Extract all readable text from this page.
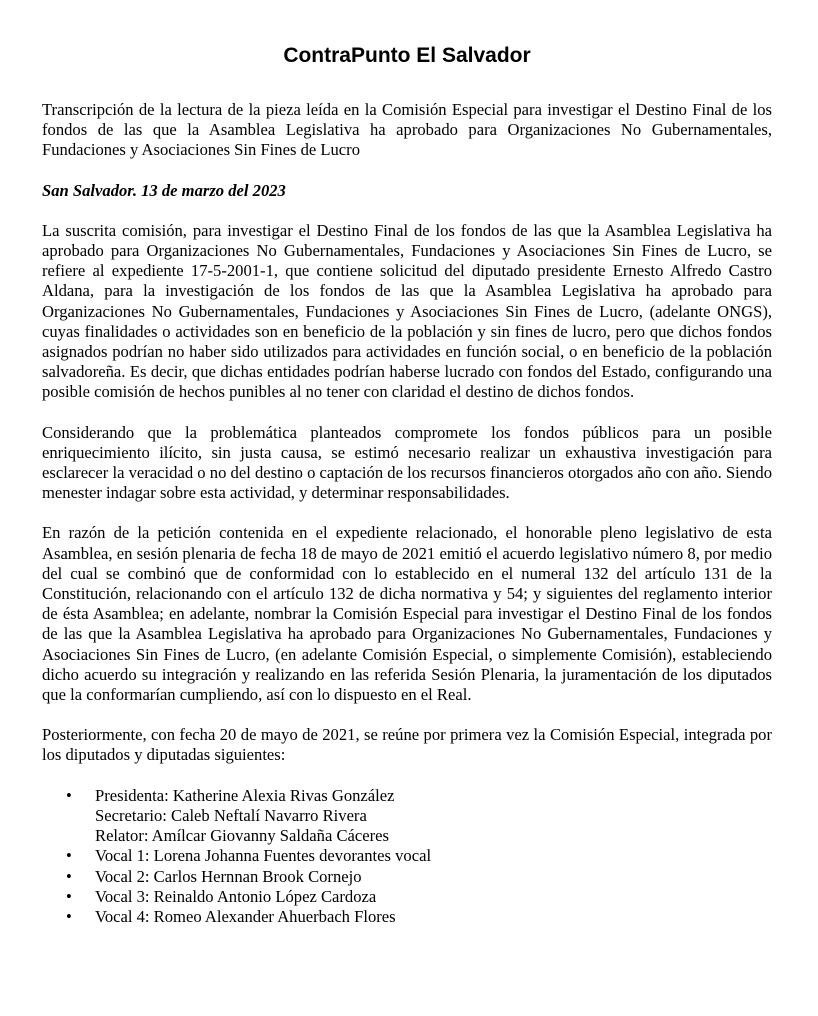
ContraPunto El Salvador

Transcripción de la lectura de la pieza leída en la Comisión Especial para investigar el Destino Final de los fondos de las que la Asamblea Legislativa ha aprobado para Organizaciones No Gubernamentales, Fundaciones y Asociaciones Sin Fines de Lucro

San Salvador. 13 de marzo del 2023

La suscrita comisión, para investigar el Destino Final de los fondos de las que la Asamblea Legislativa ha aprobado para Organizaciones No Gubernamentales, Fundaciones y Asociaciones Sin Fines de Lucro, se refiere al expediente 17-5-2001-1, que contiene solicitud del diputado presidente Ernesto Alfredo Castro Aldana, para la investigación de los fondos de las que la Asamblea Legislativa ha aprobado para Organizaciones No Gubernamentales, Fundaciones y Asociaciones Sin Fines de Lucro, (adelante ONGS), cuyas finalidades o actividades son en beneficio de la población y sin fines de lucro, pero que dichos fondos asignados podrían no haber sido utilizados para actividades en función social, o en beneficio de la población salvadoreña. Es decir, que dichas entidades podrían haberse lucrado con fondos del Estado, configurando una posible comisión de hechos punibles al no tener con claridad el destino de dichos fondos.

Considerando que la problemática planteados compromete los fondos públicos para un posible enriquecimiento ilícito, sin justa causa, se estimó necesario realizar un exhaustiva investigación para esclarecer la veracidad o no del destino o captación de los recursos financieros otorgados año con año. Siendo menester indagar sobre esta actividad, y determinar responsabilidades.

En razón de la petición contenida en el expediente relacionado, el honorable pleno legislativo de esta Asamblea, en sesión plenaria de fecha 18 de mayo de 2021 emitió el acuerdo legislativo número 8, por medio del cual se combinó que de conformidad con lo establecido en el numeral 132 del artículo 131 de la Constitución, relacionando con el artículo 132 de dicha normativa y 54; y siguientes del reglamento interior de ésta Asamblea; en adelante, nombrar la Comisión Especial para investigar el Destino Final de los fondos de las que la Asamblea Legislativa ha aprobado para Organizaciones No Gubernamentales, Fundaciones y Asociaciones Sin Fines de Lucro, (en adelante Comisión Especial, o simplemente Comisión), estableciendo dicho acuerdo su integración y realizando en las referida Sesión Plenaria, la juramentación de los diputados que la conformarían cumpliendo, así con lo dispuesto en el Real.

Posteriormente, con fecha 20 de mayo de 2021, se reúne por primera vez la Comisión Especial, integrada por los diputados y diputadas siguientes:

• Presidenta: Katherine Alexia Rivas González
Secretario: Caleb Neftalí Navarro Rivera
Relator: Amílcar Giovanny Saldaña Cáceres
• Vocal 1: Lorena Johanna Fuentes devorantes vocal
• Vocal 2: Carlos Hernnan Brook Cornejo
• Vocal 3: Reinaldo Antonio López Cardoza
• Vocal 4: Romeo Alexander Ahuerbach Flores
